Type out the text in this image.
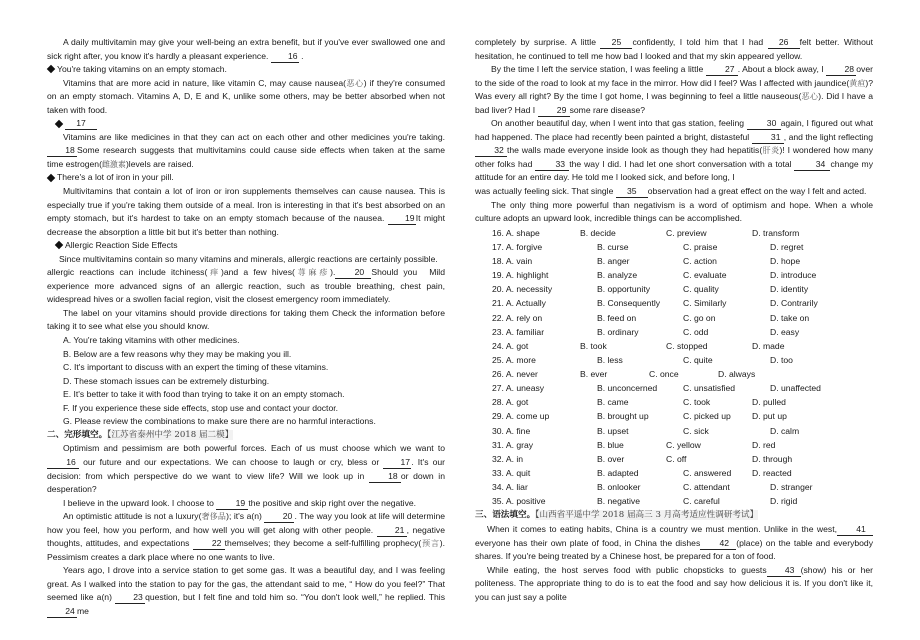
A daily multivitamin may give your well-being an extra benefit, but if you've ever swallowed one and sick right after, you know it's hardly a pleasant experience. 16 .

You're taking vitamins on an empty stomach.

Vitamins that are more acid in nature, like vitamin C, may cause nausea(恶心) if they're consumed on an empty stomach. Vitamins A, D, E and K, unlike some others, may be better absorbed when not taken with food.

17

Vitamins are like medicines in that they can act on each other and other medicines you're taking.18 Some research suggests that multivitamins could cause side effects when taken at the same time estrogen(雌激素)levels are raised.

There's a lot of iron in your pill.

Multivitamins that contain a lot of iron or iron supplements themselves can cause nausea. This is especially true if you're taking them outside of a meal. Iron is interesting in that it's best absorbed on an empty stomach, but it's hardest to take on an empty stomach because of the nausea. 19It might decrease the absorption a little bit but it's better than nothing.

Allergic Reaction Side Effects

Since multivitamins contain so many vitamins and minerals, allergic reactions are certainly possible.
Mild

allergic reactions can include itchiness(痒)and a few hives(荨麻疹). 20 Should you experience more advanced signs of an allergic reaction, such as trouble breathing, chest pain, widespread hives or a swollen facial region, visit the closest emergency room immediately.

The label on your vitamins should provide directions for taking them Check the information before taking it to see what else you should know.

A. You're taking vitamins with other medicines.

B. Below are a few reasons why they may be making you ill.

C. It's important to discuss with an expert the timing of these vitamins.

D. These stomach issues can be extremely disturbing.

E. It's better to take it with food than trying to take it on an empty stomach.

F. If you experience these side effects, stop use and contact your doctor.

G. Please review the combinations to make sure there are no harmful interactions.

二、完形填空。【江苏省泰州中学 2018 届二模】

Optimism and pessimism are both powerful forces. Each of us must choose which we want to 16 our future and our expectations. We can choose to laugh or cry, bless or 17. It's our decision: from which perspective do we want to view life? Will we look up in 18 or down in desperation?

I believe in the upward look. I choose to 19 the positive and skip right over the negative.

An optimistic attitude is not a luxury(奢侈品); it's a(n) 20 . The way you look at life will determine how you feel, how you perform, and how well you will get along with other people. 21 , negative thoughts, attitudes, and expectations 22 themselves; they become a self-fulfilling prophecy(预言). Pessimism creates a dark place where no one wants to live.

Years ago, I drove into a service station to get some gas. It was a beautiful day, and I was feeling great. As I walked into the station to pay for the gas, the attendant said to me, “ How do you feel?” That seemed like a(n) 23 question, but I felt fine and told him so. “You don't look well,” he replied. This 24 me

completely by surprise. A little 25 confidently, I told him that I had 26 felt better. Without hesitation, he continued to tell me how bad I looked and that my skin appeared yellow.

By the time I left the service station, I was feeling a little 27 . About a block away, I 28 over to the side of the road to look at my face in the mirror. How did I feel? Was I affected with jaundice(黄疸)? Was every all right? By the time I got home, I was beginning to feel a little nauseous(恶心). Did I have a bad liver? Had I 29 some rare disease?

On another beautiful day, when I went into that gas station, feeling 30 again, I figured out what had happened. The place had recently been painted a bright, distasteful 31 , and the light reflecting 32 the walls made everyone inside look as though they had hepatitis(肝炎)! I wondered how many other folks had 33 the way I did. I had let one short conversation with a total 34 change my attitude for an entire day. He told me I looked sick, and before long, I

was actually feeling sick. That single 35 observation had a great effect on the way I felt and acted.

The only thing more powerful than negativism is a word of optimism and hope. When a whole culture adopts an upward look, incredible things can be accomplished.

16. A. shape	B. decide	C. preview	D. transform
17. A. forgive	B. curse	C. praise	D. regret
18. A. vain	B. anger	C. action	D. hope
19. A. highlight	B. analyze	C. evaluate	D. introduce
20. A. necessity	B. opportunity	C. quality	D. identity
21. A. Actually	B. Consequently	C. Similarly	D. Contrarily
22. A. rely on	B. feed on	C. go on	D. take on
23. A. familiar	B. ordinary	C. odd	D. easy
24. A. got	B. took	C. stopped	D. made
25. A. more	B. less	C. quite	D. too
26. A. never	B. ever	C. once	D. always
27. A. uneasy	B. unconcerned	C. unsatisfied	D. unaffected
28. A. got	B. came	C. took	D. pulled
29. A. come up	B. brought up	C. picked up D. put up
30. A. fine	B. upset	C. sick	D. calm
31. A. gray	B. blue	C. yellow	D. red
32. A. in	B. over	C. off	D. through
33. A. quit	B. adapted	C. answered D. reacted
34. A. liar	B. onlooker	C. attendant	D. stranger
35. A. positive	B. negative	C. careful	D. rigid

三、语法填空。【山西省平遥中学 2018 届高三 3 月高考适应性调研考试】

When it comes to eating habits, China is a country we must mention. Unlike in the west, 41everyone has their own plate of food, in China the dishes 42 (place) on the table and everybody shares. If you're being treated by a Chinese host, be prepared for a ton of food.

While eating, the host serves food with public chopsticks to guests 43 (show) his or her politeness. The appropriate thing to do is to eat the food and say how delicious it is. If you don't like it, you can just say a polite
